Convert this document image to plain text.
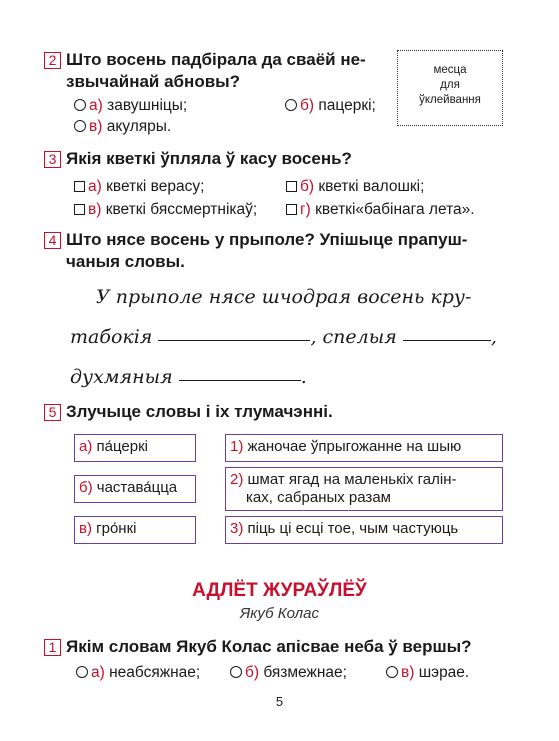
2 Што восень падбірала да сваёй не-
звычайнай абновы?
а) завушніцы;	б) пацеркі;
в) акуляры.
месца
для
ўклейвання
3 Якія кветкі ўпляла ў касу восень?
а) кветкі верасу;	б) кветкі валошкі;
в) кветкі бяссмертнікаў;	г) кветкі«бабінага лета».
4 Што нясе восень у прыполе? Упішыце прапуш-
чаныя словы.
У прыполе нясе шчодрая восень кру-
табокія	, спелыя	,
духмяныя	.
5 Злучыце словы і іх тлумачэнні.
а) па́церкі
б) частава́цца
в) гро́нкі
1) жаночае ўпрыгожанне на шыю
2) шмат ягад на маленькіх галін-
ках, сабраных разам
3) піць ці есці тое, чым частуюць
АДЛЁТ ЖУРАЎЛЁЎ
Якуб Колас
1 Якім словам Якуб Колас апісвае неба ў вершы?
а) неабсяжнае;	б) бязмежнае;	в) шэрае.
5
